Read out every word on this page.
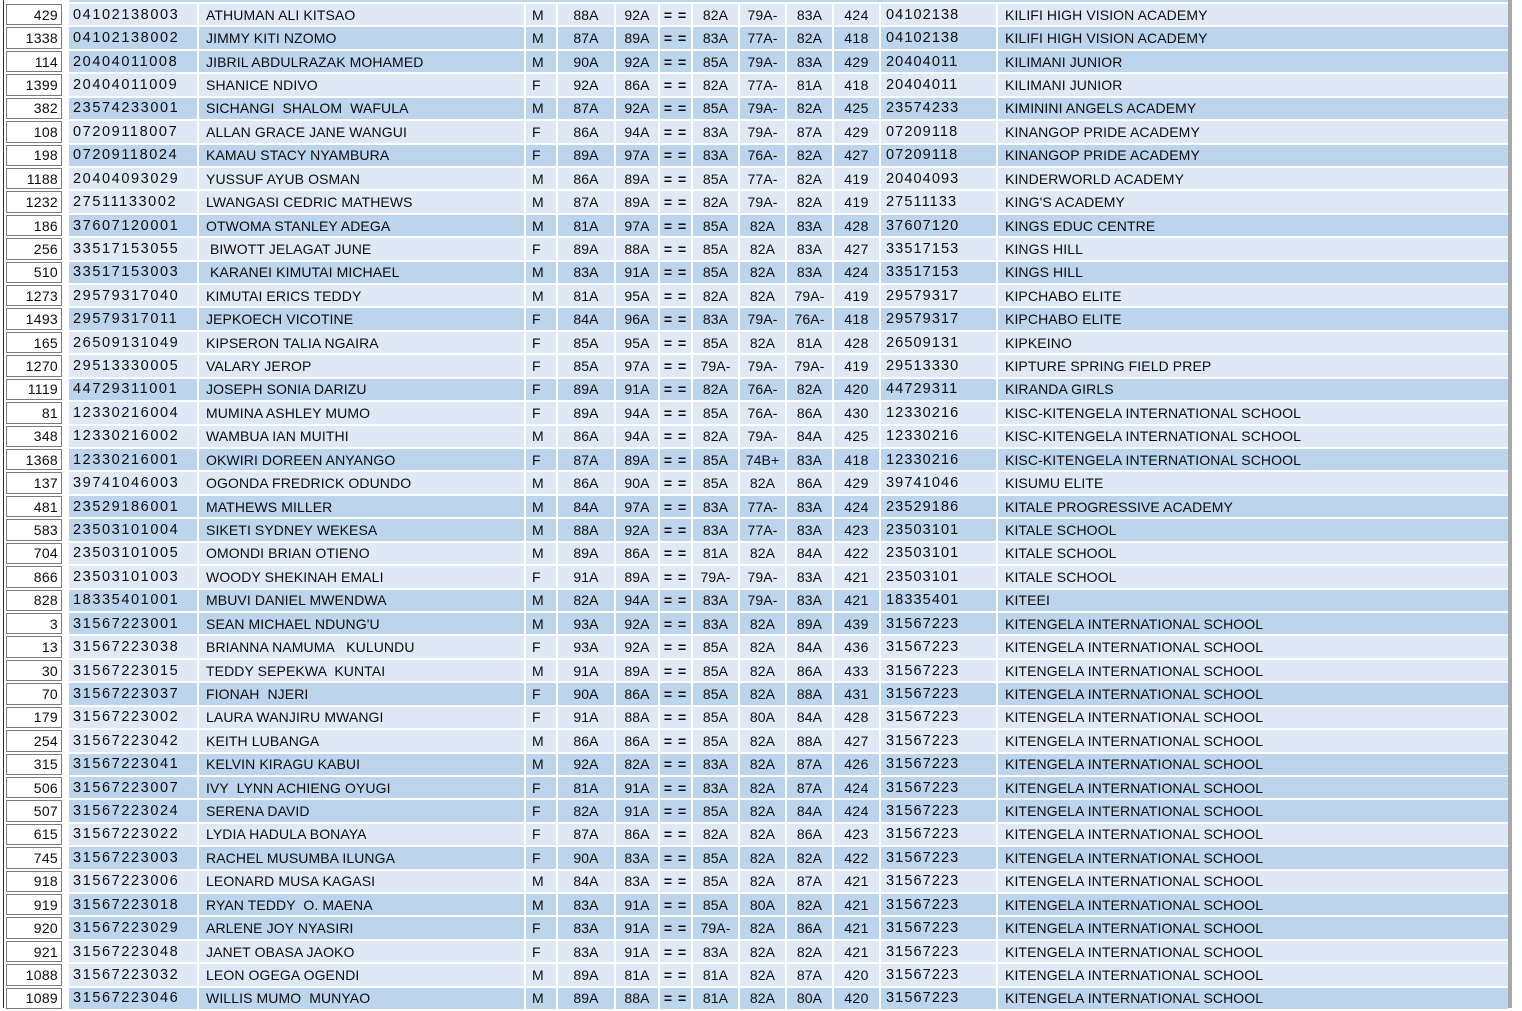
429 04102138003	ATHUMAN ALI KITSAO	M	88A	92A	= =	82A	79A-	83A	424	04102138	KILIFI HIGH VISION ACADEMY
1338 04102138002	JIMMY KITI NZOMO	M	87A	89A	= =	83A	77A-	82A	418	04102138	KILIFI HIGH VISION ACADEMY
114 20404011008	JIBRIL ABDULRAZAK MOHAMED	M	90A	92A	= =	85A	79A-	83A	429	20404011	KILIMANI JUNIOR
1399 20404011009	SHANICE NDIVO	F	92A	86A	= =	82A	77A-	81A	418	20404011	KILIMANI JUNIOR
382 23574233001	SICHANGI  SHALOM  WAFULA	M	87A	92A	= =	85A	79A-	82A	425	23574233	KIMININI ANGELS ACADEMY
108 07209118007	ALLAN GRACE JANE WANGUI	F	86A	94A	= =	83A	79A-	87A	429	07209118	KINANGOP PRIDE ACADEMY
198 07209118024	KAMAU STACY NYAMBURA	F	89A	97A	= =	83A	76A-	82A	427	07209118	KINANGOP PRIDE ACADEMY
1188 20404093029	YUSSUF AYUB OSMAN	M	86A	89A	= =	85A	77A-	82A	419	20404093	KINDERWORLD ACADEMY
1232 27511133002	LWANGASI CEDRIC MATHEWS	M	87A	89A	= =	82A	79A-	82A	419	27511133	KING'S ACADEMY
186 37607120001	OTWOMA STANLEY ADEGA	M	81A	97A	= =	85A	82A	83A	428	37607120	KINGS EDUC CENTRE
256 33517153055	BIWOTT JELAGAT JUNE	F	89A	88A	= =	85A	82A	83A	427	33517153	KINGS HILL
510 33517153003	KARANEI KIMUTAI MICHAEL	M	83A	91A	= =	85A	82A	83A	424	33517153	KINGS HILL
1273 29579317040	KIMUTAI ERICS TEDDY	M	81A	95A	= =	82A	82A	79A-	419	29579317	KIPCHABO ELITE
1493 29579317011	JEPKOECH VICOTINE	F	84A	96A	= =	83A	79A-	76A-	418	29579317	KIPCHABO ELITE
165 26509131049	KIPSERON TALIA NGAIRA	F	85A	95A	= =	85A	82A	81A	428	26509131	KIPKEINO
1270 29513330005	VALARY JEROP	F	85A	97A	= = 79A-	79A-	79A-	419	29513330	KIPTURE SPRING FIELD PREP
1119 44729311001	JOSEPH SONIA DARIZU	F	89A	91A	= =	82A	76A-	82A	420	44729311	KIRANDA GIRLS
81 12330216004	MUMINA ASHLEY MUMO	F	89A	94A	= =	85A	76A-	86A	430	12330216	KISC-KITENGELA INTERNATIONAL SCHOOL
348 12330216002	WAMBUA IAN MUITHI	M	86A	94A	= =	82A	79A-	84A	425	12330216	KISC-KITENGELA INTERNATIONAL SCHOOL
1368 12330216001	OKWIRI DOREEN ANYANGO	F	87A	89A	= =	85A	74B+	83A	418	12330216	KISC-KITENGELA INTERNATIONAL SCHOOL
137 39741046003	OGONDA FREDRICK ODUNDO	M	86A	90A	= =	85A	82A	86A	429	39741046	KISUMU ELITE
481 23529186001	MATHEWS MILLER	M	84A	97A	= =	83A	77A-	83A	424	23529186	KITALE PROGRESSIVE ACADEMY
583 23503101004	SIKETI SYDNEY WEKESA	M	88A	92A	= =	83A	77A-	83A	423	23503101	KITALE SCHOOL
704 23503101005	OMONDI BRIAN OTIENO	M	89A	86A	= =	81A	82A	84A	422	23503101	KITALE SCHOOL
866 23503101003	WOODY SHEKINAH EMALI	F	91A	89A	= = 79A-	79A-	83A	421	23503101	KITALE SCHOOL
828 18335401001	MBUVI DANIEL MWENDWA	M	82A	94A	= =	83A	79A-	83A	421	18335401	KITEEI
3 31567223001	SEAN MICHAEL NDUNG'U	M	93A	92A	= =	83A	82A	89A	439	31567223	KITENGELA INTERNATIONAL SCHOOL
13 31567223038	BRIANNA NAMUMA   KULUNDU	F	93A	92A	= =	85A	82A	84A	436	31567223	KITENGELA INTERNATIONAL SCHOOL
30 31567223015	TEDDY SEPEKWA  KUNTAI	M	91A	89A	= =	85A	82A	86A	433	31567223	KITENGELA INTERNATIONAL SCHOOL
70 31567223037	FIONAH  NJERI	F	90A	86A	= =	85A	82A	88A	431	31567223	KITENGELA INTERNATIONAL SCHOOL
179 31567223002	LAURA WANJIRU MWANGI	F	91A	88A	= =	85A	80A	84A	428	31567223	KITENGELA INTERNATIONAL SCHOOL
254 31567223042	KEITH LUBANGA	M	86A	86A	= =	85A	82A	88A	427	31567223	KITENGELA INTERNATIONAL SCHOOL
315 31567223041	KELVIN KIRAGU KABUI	M	92A	82A	= =	83A	82A	87A	426	31567223	KITENGELA INTERNATIONAL SCHOOL
506 31567223007	IVY  LYNN ACHIENG OYUGI	F	81A	91A	= =	83A	82A	87A	424	31567223	KITENGELA INTERNATIONAL SCHOOL
507 31567223024	SERENA DAVID	F	82A	91A	= =	85A	82A	84A	424	31567223	KITENGELA INTERNATIONAL SCHOOL
615 31567223022	LYDIA HADULA BONAYA	F	87A	86A	= =	82A	82A	86A	423	31567223	KITENGELA INTERNATIONAL SCHOOL
745 31567223003	RACHEL MUSUMBA ILUNGA	F	90A	83A	= =	85A	82A	82A	422	31567223	KITENGELA INTERNATIONAL SCHOOL
918 31567223006	LEONARD MUSA KAGASI	M	84A	83A	= =	85A	82A	87A	421	31567223	KITENGELA INTERNATIONAL SCHOOL
919 31567223018	RYAN TEDDY  O. MAENA	M	83A	91A	= =	85A	80A	82A	421	31567223	KITENGELA INTERNATIONAL SCHOOL
920 31567223029	ARLENE JOY NYASIRI	F	83A	91A	= = 79A-	82A	86A	421	31567223	KITENGELA INTERNATIONAL SCHOOL
921 31567223048	JANET OBASA JAOKO	F	83A	91A	= =	83A	82A	82A	421	31567223	KITENGELA INTERNATIONAL SCHOOL
1088 31567223032	LEON OGEGA OGENDI	M	89A	81A	= =	81A	82A	87A	420	31567223	KITENGELA INTERNATIONAL SCHOOL
1089 31567223046	WILLIS MUMO  MUNYAO	M	89A	88A	= =	81A	82A	80A	420	31567223	KITENGELA INTERNATIONAL SCHOOL
